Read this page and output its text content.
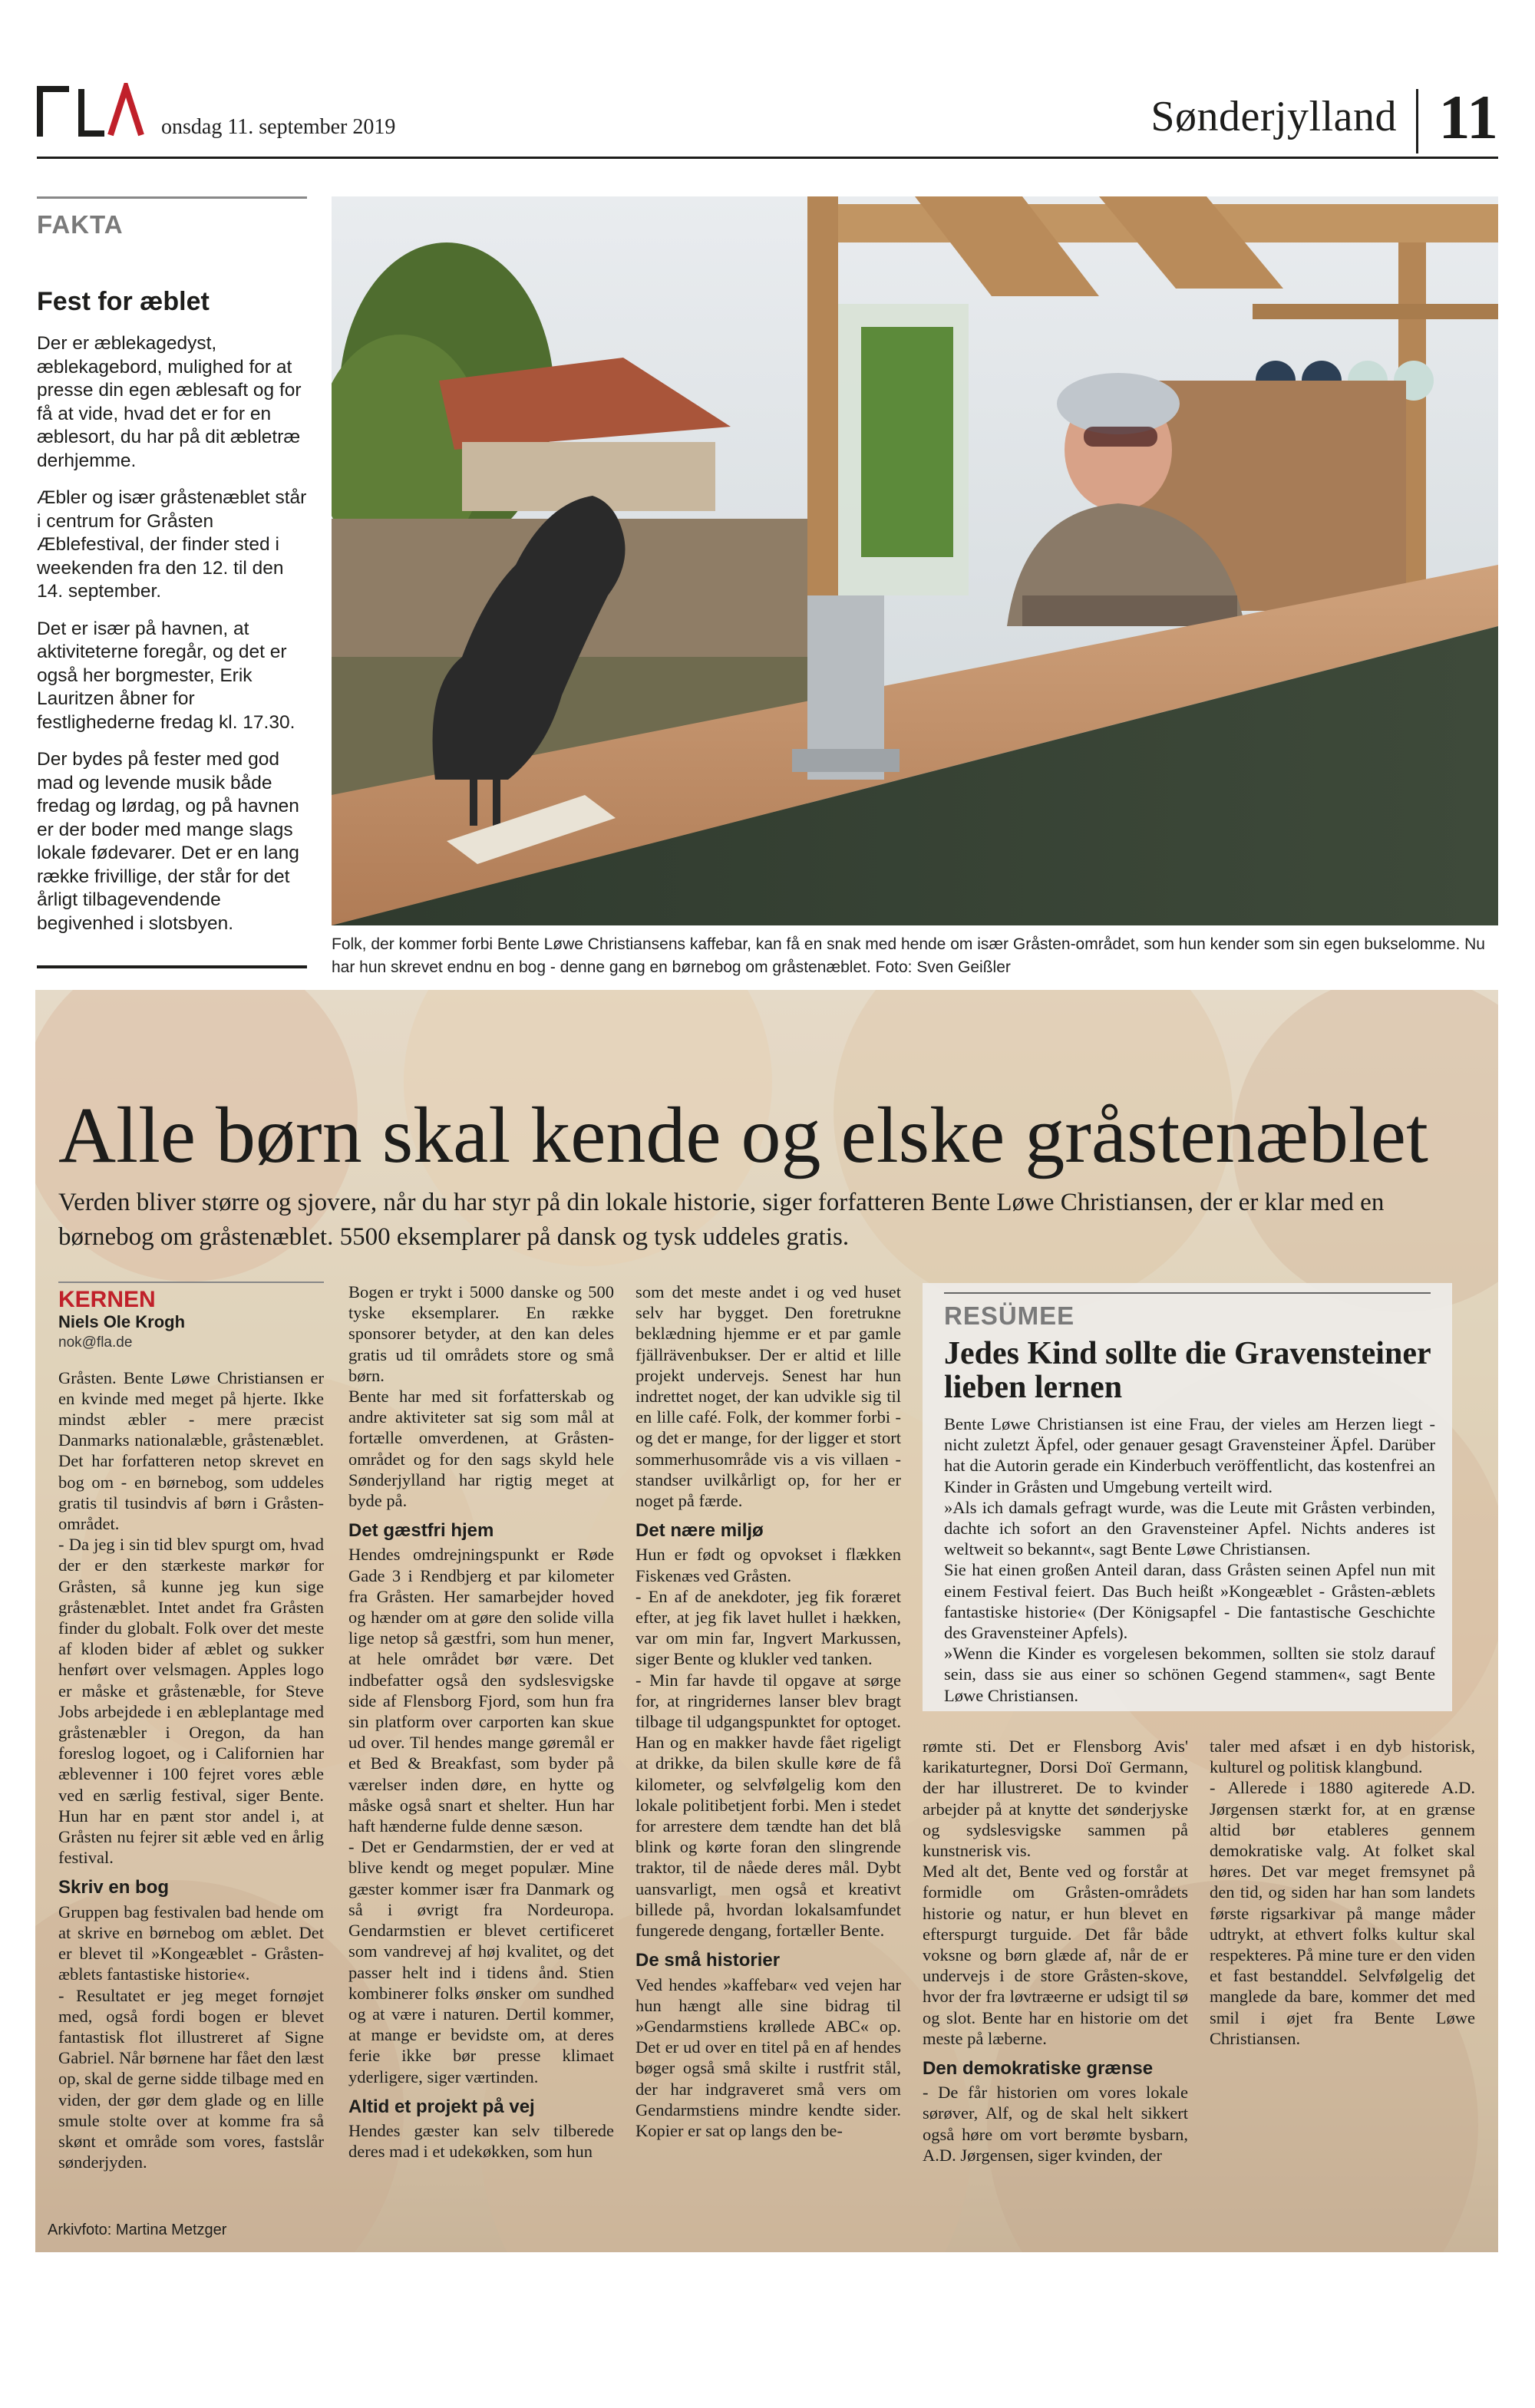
onsdag 11. september 2019	Sønderjylland 11
FAKTA
Fest for æblet

Der er æblekagedyst, æblekagebord, mulighed for at presse din egen æblesaft og for få at vide, hvad det er for en æblesort, du har på dit æbletræ derhjemme.

Æbler og især gråstenæblet står i centrum for Gråsten Æblefestival, der finder sted i weekenden fra den 12. til den 14. september.

Det er især på havnen, at aktiviteterne foregår, og det er også her borgmester, Erik Lauritzen åbner for festlighederne fredag kl. 17.30.

Der bydes på fester med god mad og levende musik både fredag og lørdag, og på havnen er der boder med mange slags lokale fødevarer. Det er en lang række frivillige, der står for det årligt tilbagevendende begivenhed i slotsbyen.

Folk, der kommer forbi Bente Løwe Christiansens kaffebar, kan få en snak med hende om især Gråsten-området, som hun kender som sin egen bukselomme. Nu har hun skrevet endnu en bog - denne gang en børnebog om gråstenæblet. Foto: Sven Geißler
Alle børn skal kende og elske gråstenæblet
Verden bliver større og sjovere, når du har styr på din lokale historie, siger forfatteren Bente Løwe Christiansen, der er klar med en børnebog om gråstenæblet. 5500 eksemplarer på dansk og tysk uddeles gratis.
KERNEN
Niels Ole Krogh
nok@fla.de

Gråsten. Bente Løwe Christiansen er en kvinde med meget på hjerte. Ikke mindst æbler - mere præcist Danmarks nationalæble, gråstenæblet. Det har forfatteren netop skrevet en bog om - en børnebog, som uddeles gratis til tusindvis af børn i Gråsten-området.

- Da jeg i sin tid blev spurgt om, hvad der er den stærkeste markør for Gråsten, så kunne jeg kun sige gråstenæblet. Intet andet fra Gråsten finder du globalt. Folk over det meste af kloden bider af æblet og sukker henført over velsmagen. Apples logo er måske et gråstenæble, for Steve Jobs arbejdede i en æbleplantage med gråstenæbler i Oregon, da han foreslog logoet, og i Californien har æblevenner i 100 fejret vores æble ved en særlig festival, siger Bente. Hun har en pænt stor andel i, at Gråsten nu fejrer sit æble ved en årlig festival.

Skriv en bog

Gruppen bag festivalen bad hende om at skrive en børnebog om æblet. Det er blevet til »Kongeæblet - Gråsten-æblets fantastiske historie«.

- Resultatet er jeg meget fornøjet med, også fordi bogen er blevet fantastisk flot illustreret af Signe Gabriel. Når børnene har fået den læst op, skal de gerne sidde tilbage med en viden, der gør dem glade og en lille smule stolte over at komme fra så skønt et område som vores, fastslår sønderjyden.

Bogen er trykt i 5000 danske og 500 tyske eksemplarer. En række sponsorer betyder, at den kan deles gratis ud til områdets store og små børn.

Bente har med sit forfatterskab og andre aktiviteter sat sig som mål at fortælle omverdenen, at Gråsten-området og for den sags skyld hele Sønderjylland har rigtig meget at byde på.

Det gæstfri hjem

Hendes omdrejningspunkt er Røde Gade 3 i Rendbjerg et par kilometer fra Gråsten. Her samarbejder hoved og hænder om at gøre den solide villa lige netop så gæstfri, som hun mener, at hele området bør være. Det indbefatter også den sydslesvigske side af Flensborg Fjord, som hun fra sin platform over carporten kan skue ud over. Til hendes mange gøremål er et Bed & Breakfast, som byder på værelser inden døre, en hytte og måske også snart et shelter. Hun har haft hænderne fulde denne sæson.

- Det er Gendarmstien, der er ved at blive kendt og meget populær. Mine gæster kommer især fra Danmark og så i øvrigt fra Nordeuropa. Gendarmstien er blevet certificeret som vandrevej af høj kvalitet, og det passer helt ind i tidens ånd. Stien kombinerer folks ønsker om sundhed og at være i naturen. Dertil kommer, at mange er bevidste om, at deres ferie ikke bør presse klimaet yderligere, siger værtinden.

Altid et projekt på vej

Hendes gæster kan selv tilberede deres mad i et udekøkken, som hun

som det meste andet i og ved huset selv har bygget. Den foretrukne beklædning hjemme er et par gamle fjällrävenbukser. Der er altid et lille projekt undervejs. Senest har hun indrettet noget, der kan udvikle sig til en lille café. Folk, der kommer forbi - og det er mange, for der ligger et stort sommerhusområde vis a vis villaen - standser uvilkårligt op, for her er noget på færde.

Det nære miljø

Hun er født og opvokset i flækken Fiskenæs ved Gråsten.

- En af de anekdoter, jeg fik foræret efter, at jeg fik lavet hullet i hækken, var om min far, Ingvert Markussen, siger Bente og klukler ved tanken.

- Min far havde til opgave at sørge for, at ringridernes lanser blev bragt tilbage til udgangspunktet for optoget. Han og en makker havde fået rigeligt at drikke, da bilen skulle køre de få kilometer, og selvfølgelig kom den lokale politibetjent forbi. Men i stedet for arrestere dem tændte han det blå blink og kørte foran den slingrende traktor, til de nåede deres mål. Dybt uansvarligt, men også et kreativt billede på, hvordan lokalsamfundet fungerede dengang, fortæller Bente.

De små historier

Ved hendes »kaffebar« ved vejen har hun hængt alle sine bidrag til »Gendarmstiens krøllede ABC« op. Det er ud over en titel på en af hendes bøger også små skilte i rustfrit stål, der har indgraveret små vers om Gendarmstiens mindre kendte sider. Kopier er sat op langs den be-

RESÜMEE
Jedes Kind sollte die Gravensteiner lieben lernen

Bente Løwe Christiansen ist eine Frau, der vieles am Herzen liegt - nicht zuletzt Äpfel, oder genauer gesagt Gravensteiner Äpfel. Darüber hat die Autorin gerade ein Kinderbuch veröffentlicht, das kostenfrei an Kinder in Gråsten und Umgebung verteilt wird.

»Als ich damals gefragt wurde, was die Leute mit Gråsten verbinden, dachte ich sofort an den Gravensteiner Apfel. Nichts anderes ist weltweit so bekannt«, sagt Bente Løwe Christiansen.

Sie hat einen großen Anteil daran, dass Gråsten seinen Apfel nun mit einem Festival feiert. Das Buch heißt »Kongeæblet - Gråsten-æblets fantastiske historie« (Der Königsapfel - Die fantastische Geschichte des Gravensteiner Apfels).

»Wenn die Kinder es vorgelesen bekommen, sollten sie stolz darauf sein, dass sie aus einer so schönen Gegend stammen«, sagt Bente Løwe Christiansen.

rømte sti. Det er Flensborg Avis' karikaturtegner, Dorsi Doï Germann, der har illustreret. De to kvinder arbejder på at knytte det sønderjyske og sydslesvigske sammen på kunstnerisk vis.

Med alt det, Bente ved og forstår at formidle om Gråsten-områdets historie og natur, er hun blevet en efterspurgt turguide. Det får både voksne og børn glæde af, når de er undervejs i de store Gråsten-skove, hvor der fra løvtræerne er udsigt til sø og slot. Bente har en historie om det meste på læberne.

Den demokratiske grænse

- De får historien om vores lokale sørøver, Alf, og de skal helt sikkert også høre om vort berømte bysbarn, A.D. Jørgensen, siger kvinden, der

taler med afsæt i en dyb historisk, kulturel og politisk klangbund.

- Allerede i 1880 agiterede A.D. Jørgensen stærkt for, at en grænse altid bør etableres gennem demokratiske valg. At folket skal høres. Det var meget fremsynet på den tid, og siden har han som landets første rigsarkivar på mange måder udtrykt, at ethvert folks kultur skal respekteres. På mine ture er den viden et fast bestanddel. Selvfølgelig det manglede da bare, kommer det med smil i øjet fra Bente Løwe Christiansen.

Arkivfoto: Martina Metzger
